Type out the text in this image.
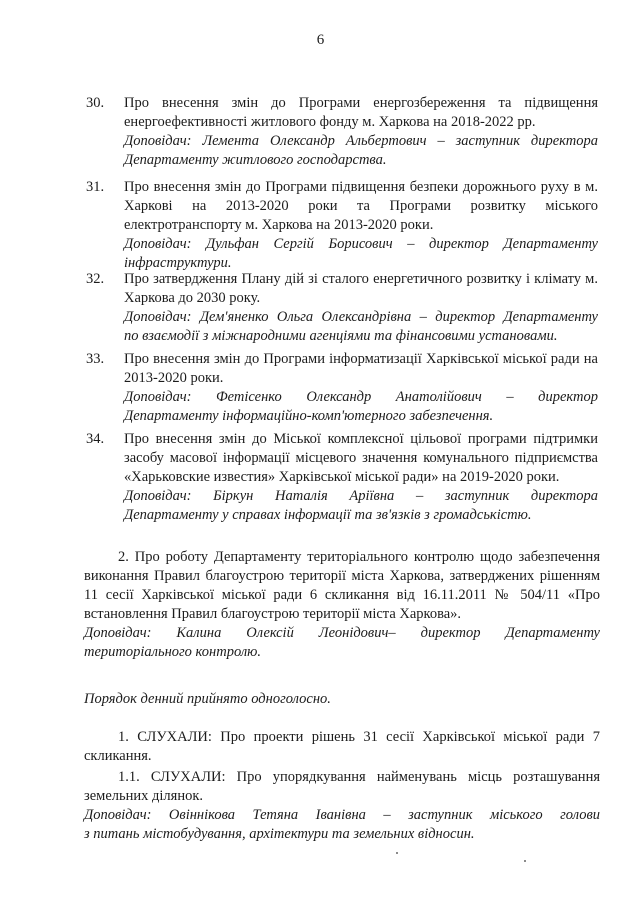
6
30.	Про внесення змін до Програми енергозбереження та підвищення енергоефективності житлового фонду м. Харкова на 2018-2022 рр.

Доповідач: Лемента Олександр Альбертович – заступник директора

Департаменту житлового господарства.

31.	Про внесення змін до Програми підвищення безпеки дорожнього руху в м. Харкові на 2013-2020 роки та Програми розвитку міського електротранспорту м. Харкова на 2013-2020 роки.

Доповідач: Дульфан Сергій Борисович – директор Департаменту

інфраструктури.

32.	Про затвердження Плану дій зі сталого енергетичного розвитку і клімату м. Харкова до 2030 року.

Доповідач: Дем'яненко Ольга Олександрівна – директор Департаменту

по взаємодії з міжнародними агенціями та фінансовими установами.

33.	Про внесення змін до Програми інформатизації Харківської міської ради на 2013-2020 роки.

Доповідач: Фетісенко Олександр Анатолійович – директор

Департаменту інформаційно-комп'ютерного забезпечення.

34.	Про внесення змін до Міської комплексної цільової програми підтримки засобу масової інформації місцевого значення комунального підприємства «Харьковские известия» Харківської міської ради» на 2019-2020 роки.

Доповідач: Біркун Наталія Аріївна – заступник директора

Департаменту у справах інформації та зв'язків з громадськістю.

2. Про роботу Департаменту територіального контролю щодо забезпечення виконання Правил благоустрою території міста Харкова, затверджених рішенням 11 сесії Харківської міської ради 6 скликання від 16.11.2011 № 504/11 «Про встановлення Правил благоустрою території міста Харкова».

Доповідач: Калина Олексій Леонідович– директор Департаменту

територіального контролю.

Порядок денний прийнято одноголосно.

1. СЛУХАЛИ: Про проекти рішень 31 сесії Харківської міської ради 7 скликання.

1.1. СЛУХАЛИ: Про упорядкування найменувань місць розташування земельних ділянок.

Доповідач: Овіннікова Тетяна Іванівна – заступник міського голови

з питань містобудування, архітектури та земельних відносин.
